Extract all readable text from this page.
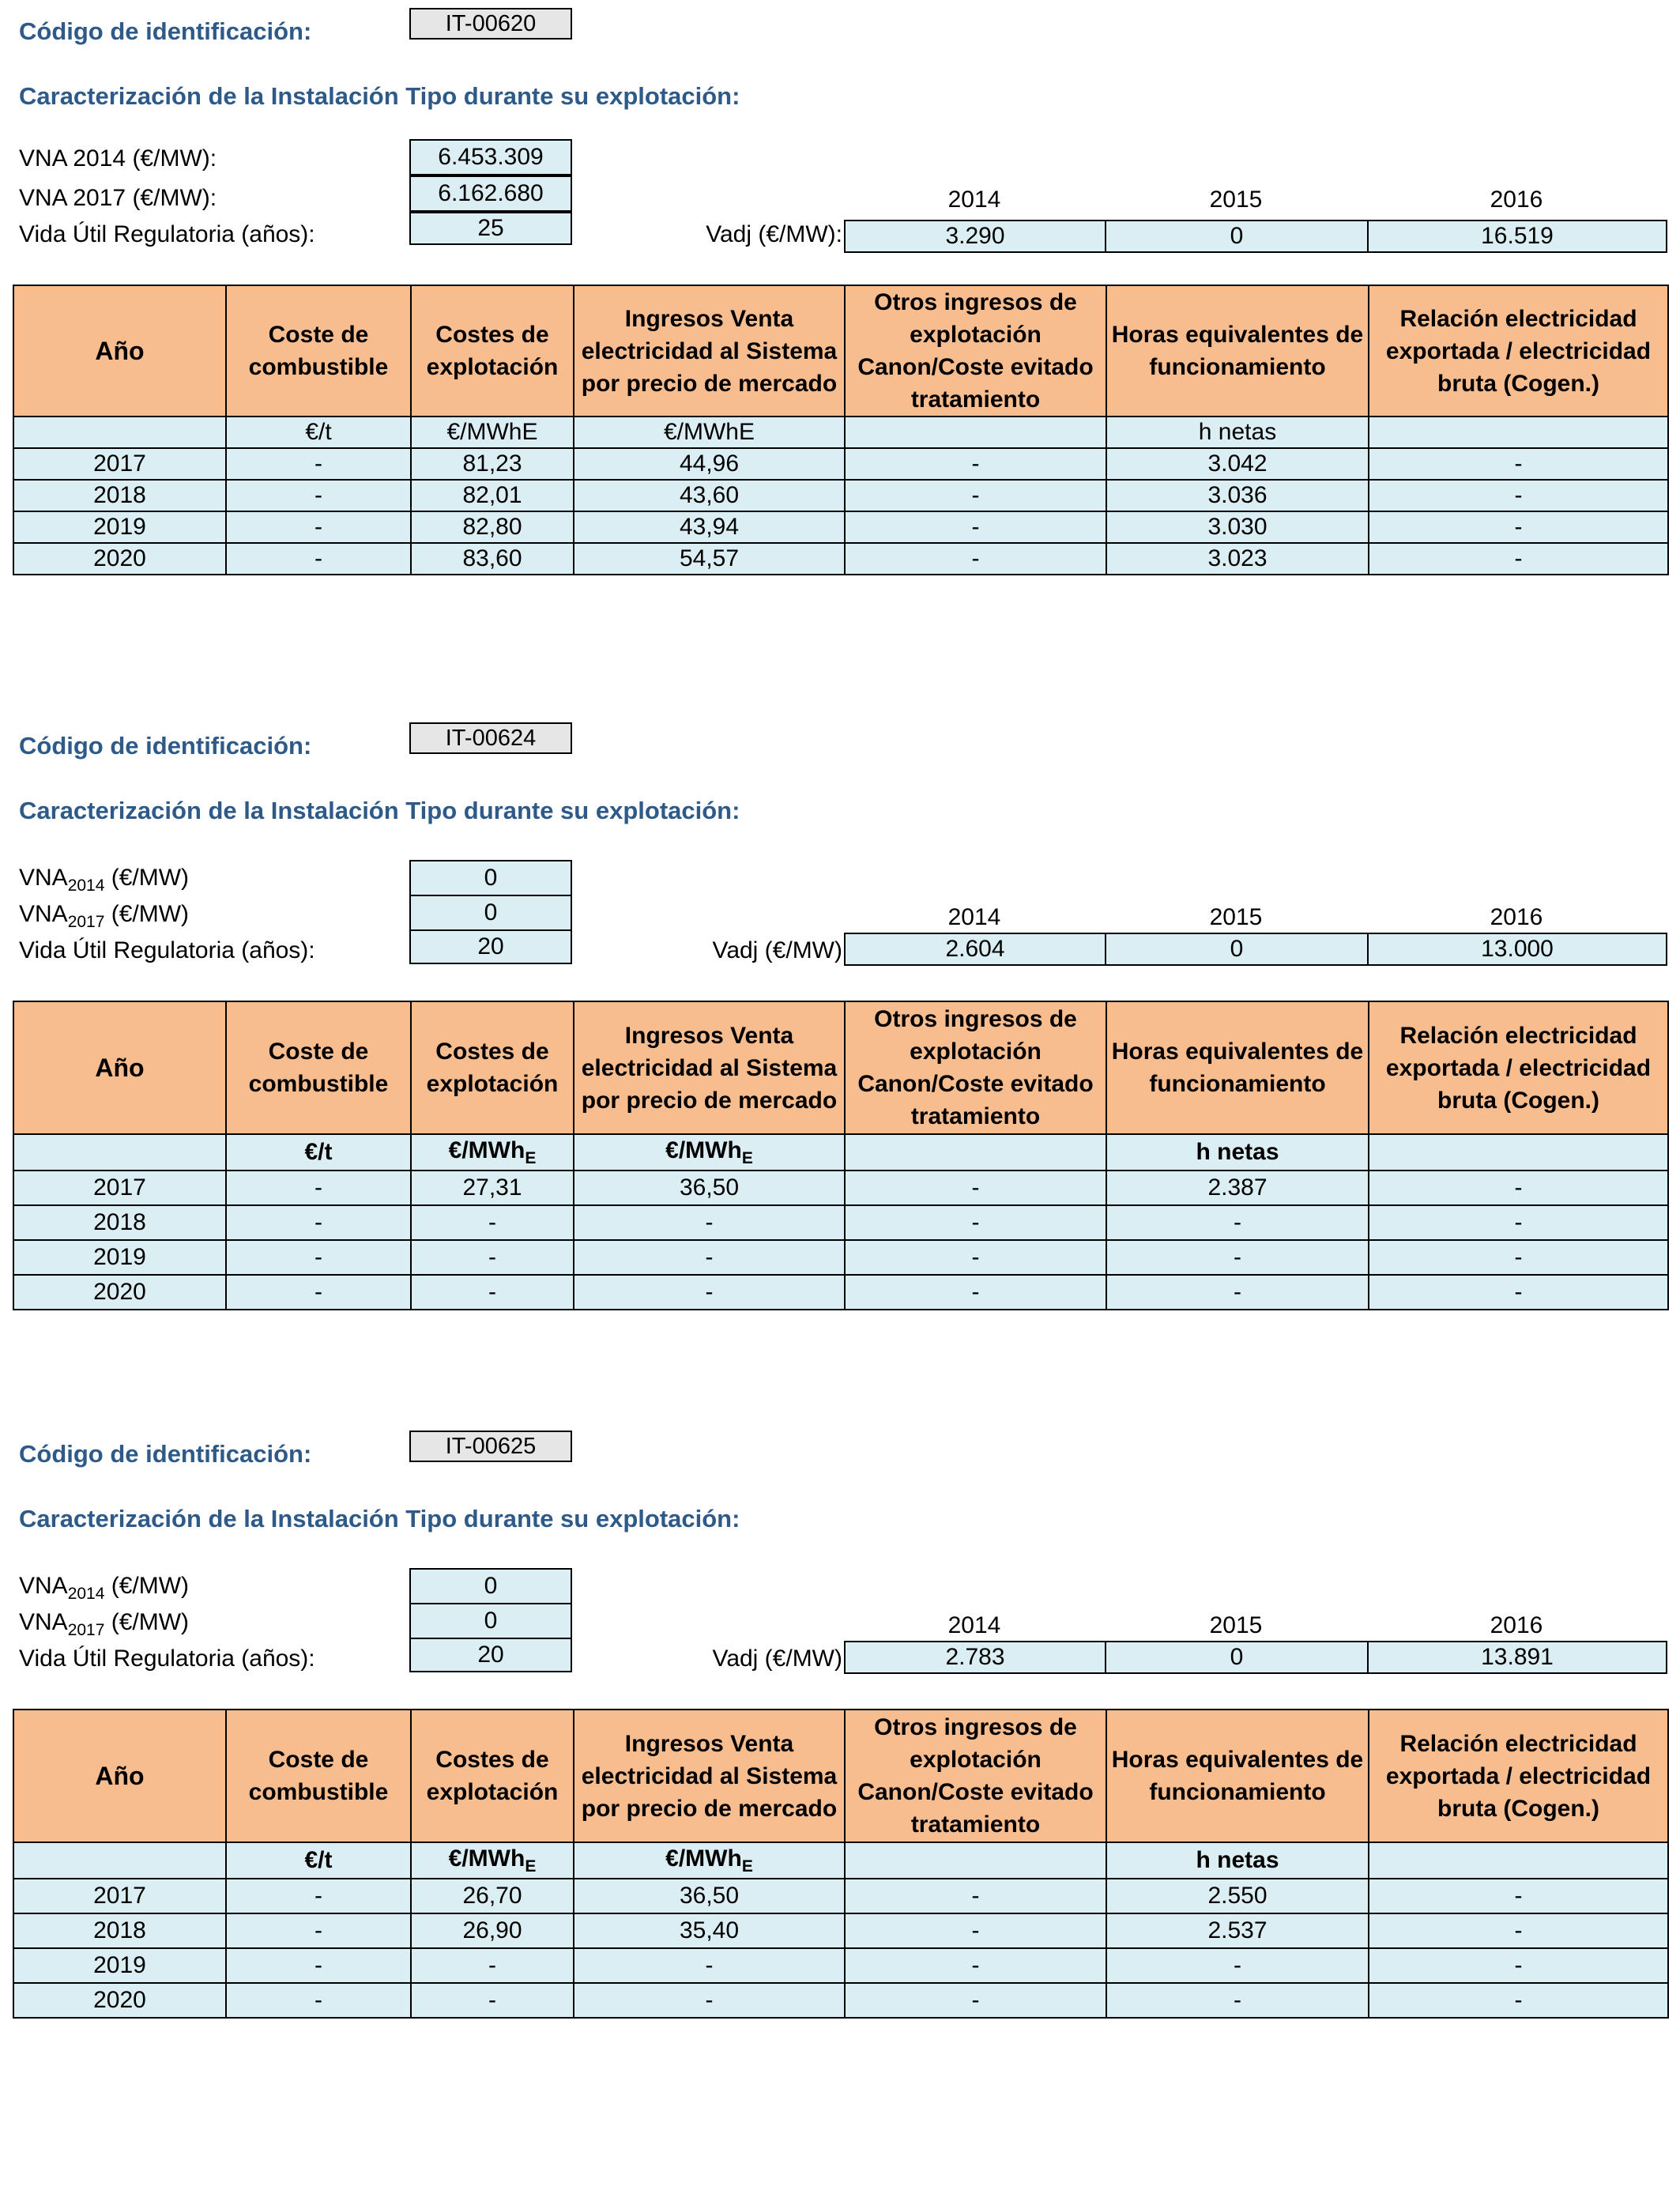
Código de identificación:	IT-00620
Caracterización de la Instalación Tipo durante su explotación:
VNA 2014 (€/MW):	6.453.309
VNA 2017 (€/MW):	6.162.680
Vida Útil Regulatoria (años):	25
2014	2015	2016
Vadj (€/MW):	3.290	0	16.519
Año	Coste de combustible	Costes de explotación	Ingresos Venta electricidad al Sistema por precio de mercado	Otros ingresos de explotación Canon/Coste evitado tratamiento	Horas equivalentes de funcionamiento	Relación electricidad exportada / electricidad bruta (Cogen.)
	€/t	€/MWhE	€/MWhE		h netas	
2017	-	81,23	44,96	-	3.042	-
2018	-	82,01	43,60	-	3.036	-
2019	-	82,80	43,94	-	3.030	-
2020	-	83,60	54,57	-	3.023	-
Código de identificación:	IT-00624
Caracterización de la Instalación Tipo durante su explotación:
$VNA_{2014}$ (€/MW)	0
$VNA_{2017}$ (€/MW)	0
Vida Útil Regulatoria (años):	20
2014	2015	2016
Vadj (€/MW)	2.604	0	13.000
Año	Coste de combustible	Costes de explotación	Ingresos Venta electricidad al Sistema por precio de mercado	Otros ingresos de explotación Canon/Coste evitado tratamiento	Horas equivalentes de funcionamiento	Relación electricidad exportada / electricidad bruta (Cogen.)
	€/t	€/MWh$_E$	€/MWh$_E$		h netas	
2017	-	27,31	36,50	-	2.387	-
2018	-	-	-	-	-	-
2019	-	-	-	-	-	-
2020	-	-	-	-	-	-
Código de identificación:	IT-00625
Caracterización de la Instalación Tipo durante su explotación:
$VNA_{2014}$ (€/MW)	0
$VNA_{2017}$ (€/MW)	0
Vida Útil Regulatoria (años):	20
2014	2015	2016
Vadj (€/MW)	2.783	0	13.891
Año	Coste de combustible	Costes de explotación	Ingresos Venta electricidad al Sistema por precio de mercado	Otros ingresos de explotación Canon/Coste evitado tratamiento	Horas equivalentes de funcionamiento	Relación electricidad exportada / electricidad bruta (Cogen.)
	€/t	€/MWh$_E$	€/MWh$_E$		h netas	
2017	-	26,70	36,50	-	2.550	-
2018	-	26,90	35,40	-	2.537	-
2019	-	-	-	-	-	-
2020	-	-	-	-	-	-
